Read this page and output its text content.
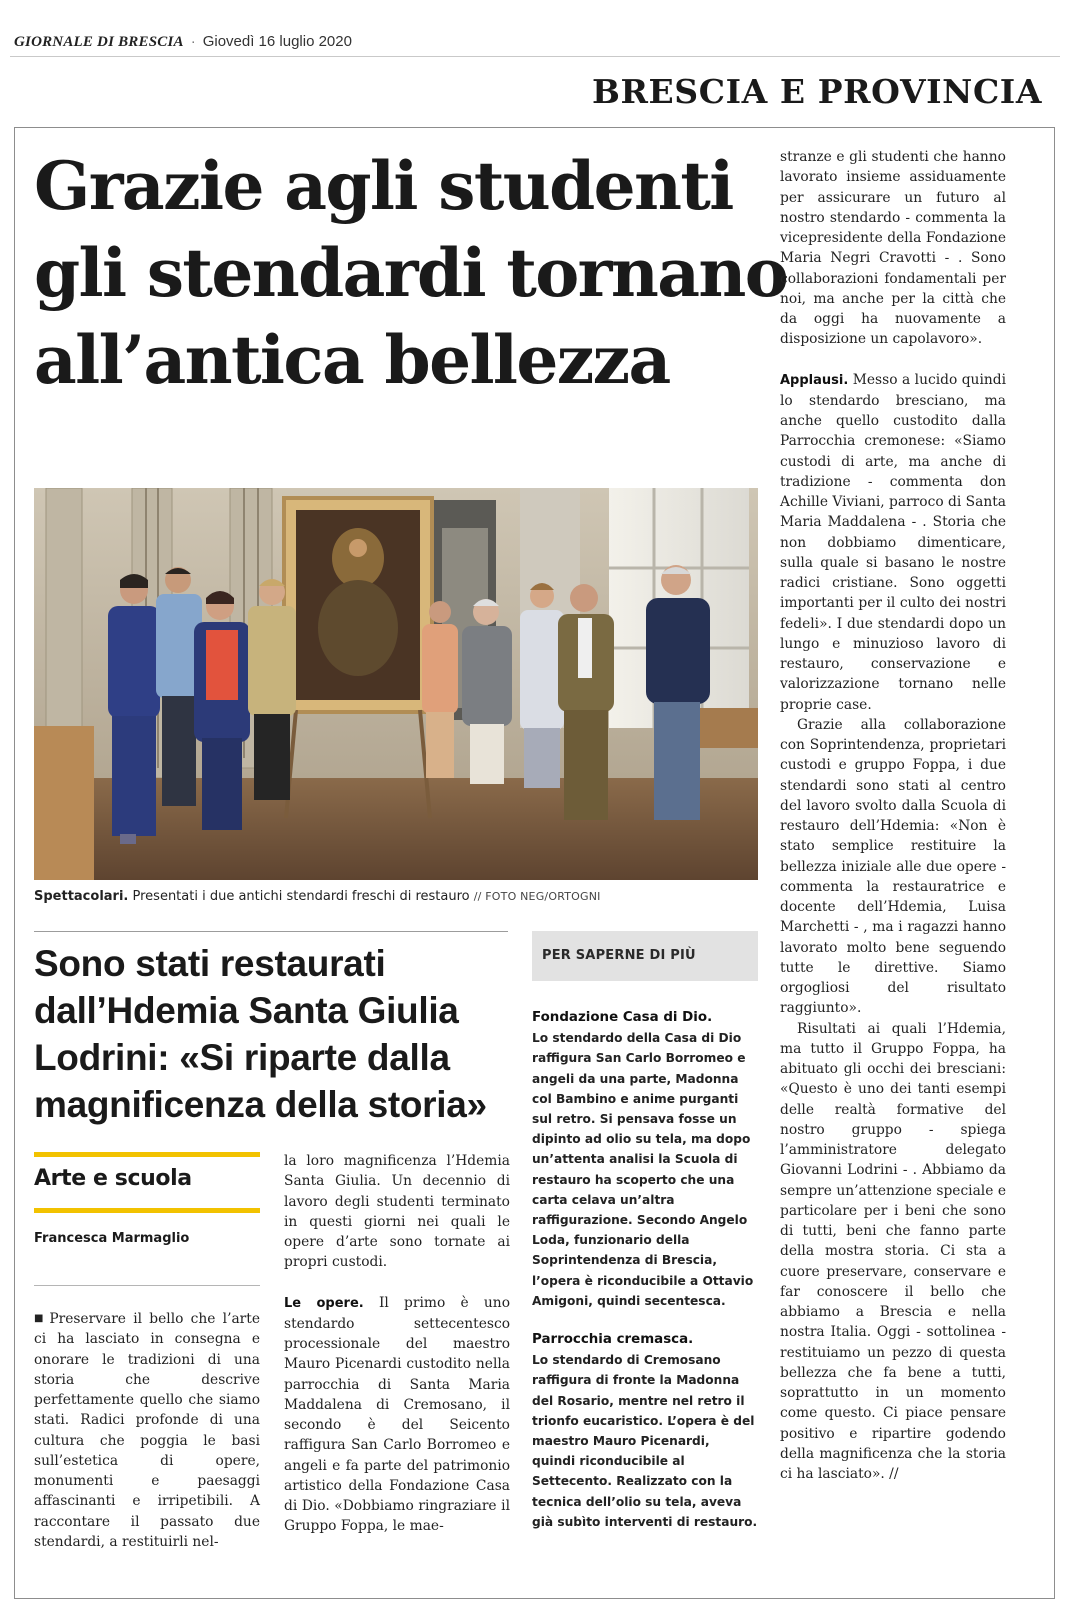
GIORNALE DI BRESCIA · Giovedì 16 luglio 2020
BRESCIA E PROVINCIA
Grazie agli studenti
gli stendardi tornano
all’antica bellezza
Spettacolari. Presentati i due antichi stendardi freschi di restauro // FOTO NEG/ORTOGNI
Sono stati restaurati
dall’Hdemia Santa Giulia
Lodrini: «Si riparte dalla
magnificenza della storia»
Arte e scuola
Francesca Marmaglio

■ Preservare il bello che l’arte ci ha lasciato in consegna e onorare le tradizioni di una storia che descrive perfettamente quello che siamo stati. Radici profonde di una cultura che poggia le basi sull’estetica di opere, monumenti e paesaggi affascinanti e irripetibili. A raccontare il passato due stendardi, a restituirli nel-

la loro magnificenza l’Hdemia Santa Giulia. Un decennio di lavoro degli studenti terminato in questi giorni nei quali le opere d’arte sono tornate ai propri custodi.

Le opere. Il primo è uno stendardo settecentesco processionale del maestro Mauro Picenardi custodito nella parrocchia di Santa Maria Maddalena di Cremosano, il secondo è del Seicento raffigura San Carlo Borromeo e angeli e fa parte del patrimonio artistico della Fondazione Casa di Dio. «Dobbiamo ringraziare il Gruppo Foppa, le mae-

PER SAPERNE DI PIÙ
Fondazione Casa di Dio.
Lo stendardo della Casa di Dio
raffigura San Carlo Borromeo e
angeli da una parte, Madonna
col Bambino e anime purganti
sul retro. Si pensava fosse un
dipinto ad olio su tela, ma dopo
un’attenta analisi la Scuola di
restauro ha scoperto che una
carta celava un’altra
raffigurazione. Secondo Angelo
Loda, funzionario della
Soprintendenza di Brescia,
l’opera è riconducibile a Ottavio
Amigoni, quindi secentesca.
Parrocchia cremasca.
Lo stendardo di Cremosano
raffigura di fronte la Madonna
del Rosario, mentre nel retro il
trionfo eucaristico. L’opera è del
maestro Mauro Picenardi,
quindi riconducibile al
Settecento. Realizzato con la
tecnica dell’olio su tela, aveva
già subìto interventi di restauro.

stranze e gli studenti che hanno lavorato insieme assiduamente per assicurare un futuro al nostro stendardo - commenta la vicepresidente della Fondazione Maria Negri Cravotti - . Sono collaborazioni fondamentali per noi, ma anche per la città che da oggi ha nuovamente a disposizione un capolavoro».

Applausi. Messo a lucido quindi lo stendardo bresciano, ma anche quello custodito dalla Parrocchia cremonese: «Siamo custodi di arte, ma anche di tradizione - commenta don Achille Viviani, parroco di Santa Maria Maddalena - . Storia che non dobbiamo dimenticare, sulla quale si basano le nostre radici cristiane. Sono oggetti importanti per il culto dei nostri fedeli». I due stendardi dopo un lungo e minuzioso lavoro di restauro, conservazione e valorizzazione tornano nelle proprie case.

Grazie alla collaborazione con Soprintendenza, proprietari custodi e gruppo Foppa, i due stendardi sono stati al centro del lavoro svolto dalla Scuola di restauro dell’Hdemia: «Non è stato semplice restituire la bellezza iniziale alle due opere - commenta la restauratrice e docente dell’Hdemia, Luisa Marchetti - , ma i ragazzi hanno lavorato molto bene seguendo tutte le direttive. Siamo orgogliosi del risultato raggiunto».

Risultati ai quali l’Hdemia, ma tutto il Gruppo Foppa, ha abituato gli occhi dei bresciani: «Questo è uno dei tanti esempi delle realtà formative del nostro gruppo - spiega l’amministratore delegato Giovanni Lodrini - . Abbiamo da sempre un’attenzione speciale e particolare per i beni che sono di tutti, beni che fanno parte della mostra storia. Ci sta a cuore preservare, conservare e far conoscere il bello che abbiamo a Brescia e nella nostra Italia. Oggi - sottolinea - restituiamo un pezzo di questa bellezza che fa bene a tutti, soprattutto in un momento come questo. Ci piace pensare positivo e ripartire godendo della magnificenza che la storia ci ha lasciato». //
